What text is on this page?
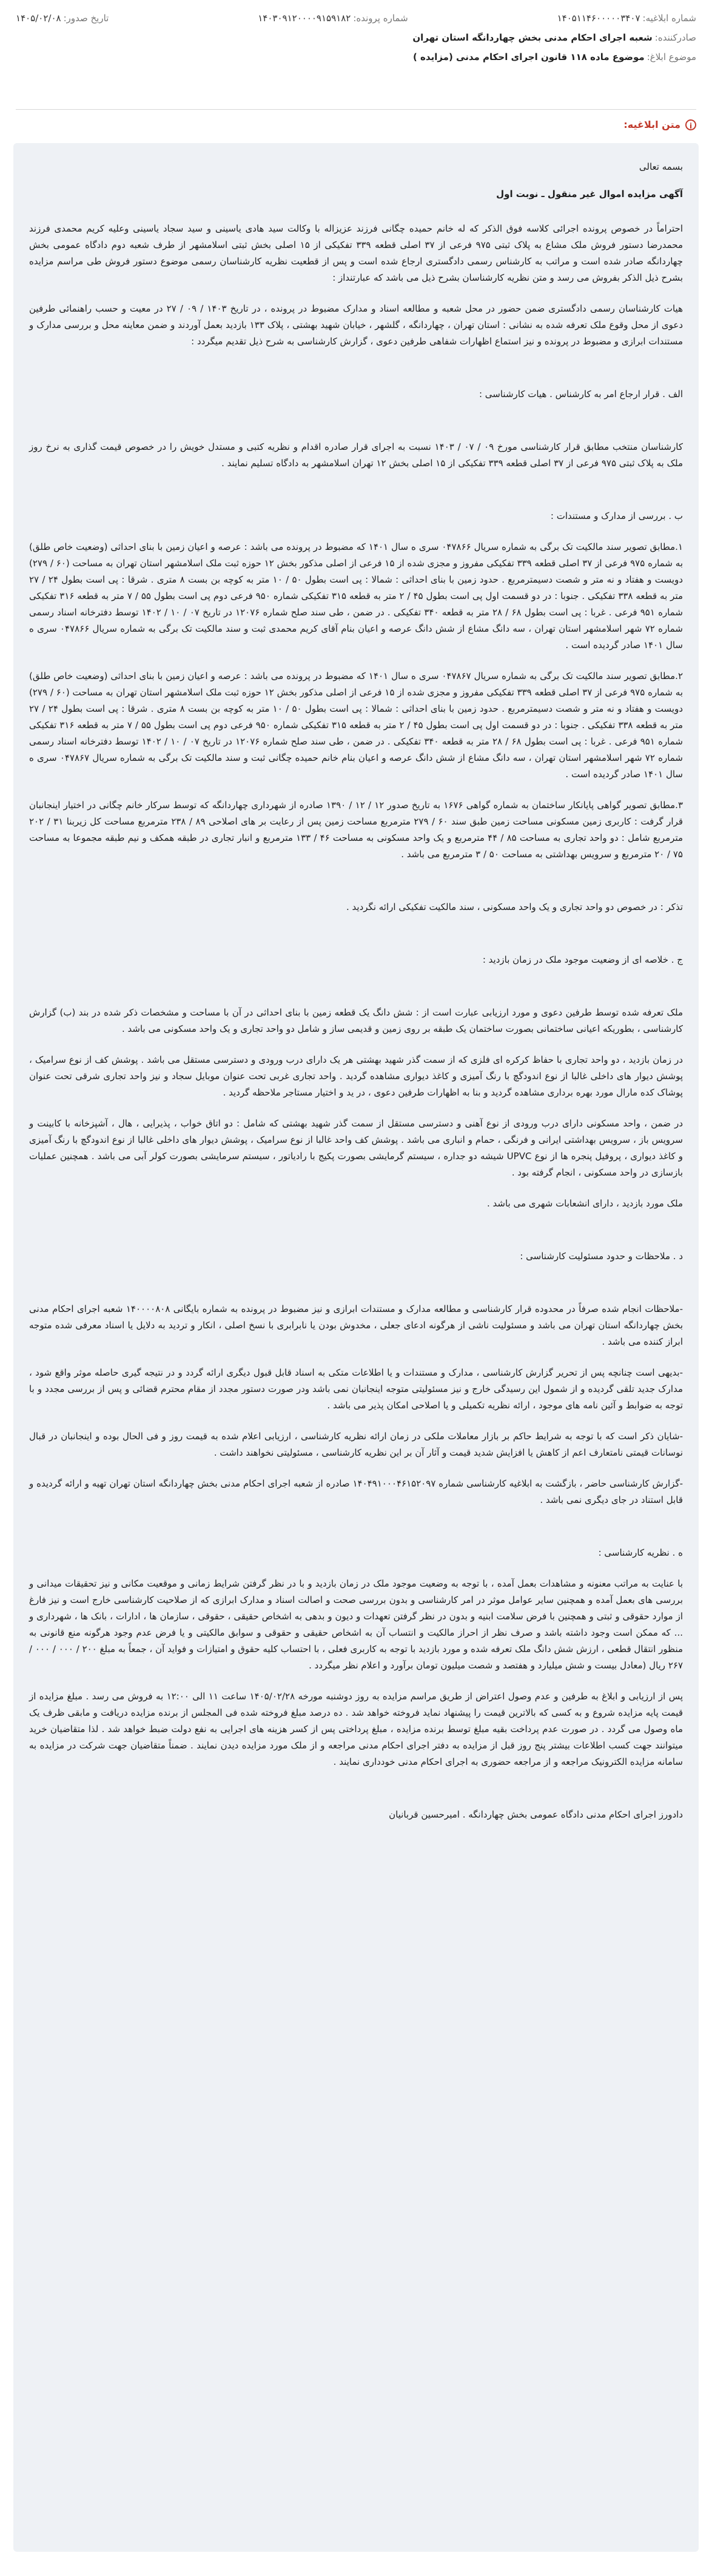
شماره ابلاغیه:۱۴۰۵۱۱۴۶۰۰۰۰۰۳۴۰۷
شماره پرونده:۱۴۰۳۰۹۱۲۰۰۰۰۹۱۵۹۱۸۲
تاریخ صدور:۱۴۰۵/۰۲/۰۸
صادرکننده:شعبه اجرای احکام مدنی بخش چهاردانگه استان تهران
موضوع ابلاغ:موضوع ماده ۱۱۸ قانون اجرای احکام مدنی (مزایده )
i
متن ابلاغیه:

بسمه تعالی

آگهی مزایده اموال غیر منقول ـ نوبت اول

احتراماً در خصوص پرونده اجرائی کلاسه فوق الذکر که له خانم حمیده چگانی فرزند عزیزاله با وکالت سید هادی یاسینی و سید سجاد یاسینی وعلیه کریم محمدی فرزند محمدرضا دستور فروش ملک مشاع به پلاک ثبتی ۹۷۵ فرعی از ۳۷ اصلی قطعه ۳۳۹ تفکیکی از ۱۵ اصلی بخش ثبتی اسلامشهر از طرف شعبه دوم دادگاه عمومی بخش چهاردانگه صادر شده است و مراتب به کارشناس رسمی دادگستری ارجاع شده است و پس از قطعیت نظریه کارشناسان رسمی موضوع دستور فروش طی مراسم مزایده بشرح ذیل الذکر بفروش می رسد و متن نظریه کارشناسان بشرح ذیل می باشد که عبارتنداز :

هیات کارشناسان رسمی دادگستری ضمن حضور در محل شعبه و مطالعه اسناد و مدارک مضبوط در پرونده ، در تاریخ ۱۴۰۳ / ۰۹ / ۲۷ در معیت و حسب راهنمائی طرفین دعوی از محل وقوع ملک تعرفه شده به نشانی : استان تهران ، چهاردانگه ، گلشهر ، خیابان شهید بهشتی ، پلاک ۱۳۳ بازدید بعمل آوردند و ضمن معاینه محل و بررسی مدارک و مستندات ابرازی و مضبوط در پرونده و نیز استماع اظهارات شفاهی طرفین دعوی ، گزارش کارشناسی به شرح ذیل تقدیم میگردد :

الف . قرار ارجاع امر به کارشناس . هیات کارشناسی :

کارشناسان منتخب مطابق قرار کارشناسی مورخ ۰۹ / ۰۷ / ۱۴۰۳ نسبت به اجرای قرار صادره اقدام و نظریه کتبی و مستدل خویش را در خصوص قیمت گذاری به نرخ روز ملک به پلاک ثبتی ۹۷۵ فرعی از ۳۷ اصلی قطعه ۳۳۹ تفکیکی از ۱۵ اصلی بخش ۱۲ تهران اسلامشهر به دادگاه تسلیم نمایند .

ب . بررسی از مدارک و مستندات :

۱.مطابق تصویر سند مالکیت تک برگی به شماره سریال ۰۴۷۸۶۶ سری ه سال ۱۴۰۱ که مضبوط در پرونده می باشد : عرصه و اعیان زمین با بنای احداثی (وضعیت خاص طلق) به شماره ۹۷۵ فرعی از ۳۷ اصلی قطعه ۳۳۹ تفکیکی مفروز و مجزی شده از ۱۵ فرعی از اصلی مذکور بخش ۱۲ حوزه ثبت ملک اسلامشهر استان تهران به مساحت (۶۰ / ۲۷۹) دویست و هفتاد و نه متر و شصت دسیمترمربع . حدود زمین با بنای احداثی : شمالا : پی است بطول ۵۰ / ۱۰ متر به کوچه بن بست ۸ متری . شرقا : پی است بطول ۲۴ / ۲۷ متر به قطعه ۳۳۸ تفکیکی . جنوبا : در دو قسمت اول پی است بطول ۴۵ / ۲ متر به قطعه ۳۱۵ تفکیکی شماره ۹۵۰ فرعی دوم پی است بطول ۵۵ / ۷ متر به قطعه ۳۱۶ تفکیکی شماره ۹۵۱ فرعی . غربا : پی است بطول ۶۸ / ۲۸ متر به قطعه ۳۴۰ تفکیکی . در ضمن ، طی سند صلح شماره ۱۲۰۷۶ در تاریخ ۰۷ / ۱۰ / ۱۴۰۲ توسط دفترخانه اسناد رسمی شماره ۷۲ شهر اسلامشهر استان تهران ، سه دانگ مشاع از شش دانگ عرصه و اعیان بنام آقای کریم محمدی ثبت و سند مالکیت تک برگی به شماره سریال ۰۴۷۸۶۶ سری ه سال ۱۴۰۱ صادر گردیده است .

۲.مطابق تصویر سند مالکیت تک برگی به شماره سریال ۰۴۷۸۶۷ سری ه سال ۱۴۰۱ که مضبوط در پرونده می باشد : عرصه و اعیان زمین با بنای احداثی (وضعیت خاص طلق) به شماره ۹۷۵ فرعی از ۳۷ اصلی قطعه ۳۳۹ تفکیکی مفروز و مجزی شده از ۱۵ فرعی از اصلی مذکور بخش ۱۲ حوزه ثبت ملک اسلامشهر استان تهران به مساحت (۶۰ / ۲۷۹) دویست و هفتاد و نه متر و شصت دسیمترمربع . حدود زمین با بنای احداثی : شمالا : پی است بطول ۵۰ / ۱۰ متر به کوچه بن بست ۸ متری . شرقا : پی است بطول ۲۴ / ۲۷ متر به قطعه ۳۳۸ تفکیکی . جنوبا : در دو قسمت اول پی است بطول ۴۵ / ۲ متر به قطعه ۳۱۵ تفکیکی شماره ۹۵۰ فرعی دوم پی است بطول ۵۵ / ۷ متر به قطعه ۳۱۶ تفکیکی شماره ۹۵۱ فرعی . غربا : پی است بطول ۶۸ / ۲۸ متر به قطعه ۳۴۰ تفکیکی . در ضمن ، طی سند صلح شماره ۱۲۰۷۶ در تاریخ ۰۷ / ۱۰ / ۱۴۰۲ توسط دفترخانه اسناد رسمی شماره ۷۲ شهر اسلامشهر استان تهران ، سه دانگ مشاع از شش دانگ عرصه و اعیان بنام خانم حمیده چگانی ثبت و سند مالکیت تک برگی به شماره سریال ۰۴۷۸۶۷ سری ه سال ۱۴۰۱ صادر گردیده است .

۳.مطابق تصویر گواهی پایانکار ساختمان به شماره گواهی ۱۶۷۶ به تاریخ صدور ۱۲ / ۱۲ / ۱۳۹۰ صادره از شهرداری چهاردانگه که توسط سرکار خانم چگانی در اختیار اینجانبان قرار گرفت : کاربری زمین مسکونی مساحت زمین طبق سند ۶۰ / ۲۷۹ مترمربع مساحت زمین پس از رعایت بر های اصلاحی ۸۹ / ۲۳۸ مترمربع مساحت کل زیربنا ۳۱ / ۲۰۲ مترمربع شامل : دو واحد تجاری به مساحت ۸۵ / ۴۴ مترمربع و یک واحد مسکونی به مساحت ۴۶ / ۱۳۳ مترمربع و انبار تجاری در طبقه همکف و نیم طبقه مجموعا به مساحت ۷۵ / ۲۰ مترمربع و سرویس بهداشتی به مساحت ۵۰ / ۳ مترمربع می باشد .

تذکر : در خصوص دو واحد تجاری و یک واحد مسکونی ، سند مالکیت تفکیکی ارائه نگردید .

ج . خلاصه ای از وضعیت موجود ملک در زمان بازدید :

ملک تعرفه شده توسط طرفین دعوی و مورد ارزیابی عبارت است از : شش دانگ یک قطعه زمین با بنای احداثی در آن با مساحت و مشخصات ذکر شده در بند (ب) گزارش کارشناسی ، بطوریکه اعیانی ساختمانی بصورت ساختمان یک طبقه بر روی زمین و قدیمی ساز و شامل دو واحد تجاری و یک واحد مسکونی می باشد .

در زمان بازدید ، دو واحد تجاری با حفاظ کرکره ای فلزی که از سمت گذر شهید بهشتی هر یک دارای درب ورودی و دسترسی مستقل می باشد . پوشش کف از نوع سرامیک ، پوشش دیوار های داخلی غالبا از نوع اندودگچ با رنگ آمیزی و کاغذ دیواری مشاهده گردید . واحد تجاری غربی تحت عنوان موبایل سجاد و نیز واحد تجاری شرقی تحت عنوان پوشاک کده مارال مورد بهره برداری مشاهده گردید و بنا به اظهارات طرفین دعوی ، در ید و اختیار مستاجر ملاحظه گردید .

در ضمن ، واحد مسکونی دارای درب ورودی از نوع آهنی و دسترسی مستقل از سمت گذر شهید بهشتی که شامل : دو اتاق خواب ، پذیرایی ، هال ، آشپزخانه با کابینت و سرویس باز ، سرویس بهداشتی ایرانی و فرنگی ، حمام و انباری می باشد . پوشش کف واحد غالبا از نوع سرامیک ، پوشش دیوار های داخلی غالبا از نوع اندودگچ با رنگ آمیزی و کاغذ دیواری ، پروفیل پنجره ها از نوع UPVC شیشه دو جداره ، سیستم گرمایشی بصورت پکیج با رادیاتور ، سیستم سرمایشی بصورت کولر آبی می باشد . همچنین عملیات بازسازی در واحد مسکونی ، انجام گرفته بود .

ملک مورد بازدید ، دارای انشعابات شهری می باشد .

د . ملاحظات و حدود مسئولیت کارشناسی :

-ملاحظات انجام شده صرفاً در محدوده قرار کارشناسی و مطالعه مدارک و مستندات ابرازی و نیز مضبوط در پرونده به شماره بایگانی ۱۴۰۰۰۰۸۰۸ شعبه اجرای احکام مدنی بخش چهاردانگه استان تهران می باشد و مسئولیت ناشی از هرگونه ادعای جعلی ، مخدوش بودن یا نابرابری با نسخ اصلی ، انکار و تردید به دلایل یا اسناد معرفی شده متوجه ابراز کننده می باشد .

-بدیهی است چنانچه پس از تحریر گزارش کارشناسی ، مدارک و مستندات و یا اطلاعات متکی به اسناد قابل قبول دیگری ارائه گردد و در نتیجه گیری حاصله موثر واقع شود ، مدارک جدید تلقی گردیده و از شمول این رسیدگی خارج و نیز مسئولیتی متوجه اینجانبان نمی باشد ودر صورت دستور مجدد از مقام محترم قضائی و پس از بررسی مجدد و با توجه به ضوابط و آئین نامه های موجود ، ارائه نظریه تکمیلی و یا اصلاحی امکان پذیر می باشد .

-شایان ذکر است که با توجه به شرایط حاکم بر بازار معاملات ملکی در زمان ارائه نظریه کارشناسی ، ارزیابی اعلام شده به قیمت روز و فی الحال بوده و اینجانبان در قبال نوسانات قیمتی نامتعارف اعم از کاهش یا افزایش شدید قیمت و آثار آن بر این نظریه کارشناسی ، مسئولیتی نخواهند داشت .

-گزارش کارشناسی حاضر ، بازگشت به ابلاغیه کارشناسی شماره ۱۴۰۴۹۱۰۰۰۴۶۱۵۲۰۹۷ صادره از شعبه اجرای احکام مدنی بخش چهاردانگه استان تهران تهیه و ارائه گردیده و قابل استناد در جای دیگری نمی باشد .

ه . نظریه کارشناسی :

با عنایت به مراتب معنونه و مشاهدات بعمل آمده ، با توجه به وضعیت موجود ملک در زمان بازدید و با در نظر گرفتن شرایط زمانی و موقعیت مکانی و نیز تحقیقات میدانی و بررسی های بعمل آمده و همچنین سایر عوامل موثر در امر کارشناسی و بدون بررسی صحت و اصالت اسناد و مدارک ابرازی که از صلاحیت کارشناسی خارج است و نیز فارغ از موارد حقوقی و ثبتی و همچنین با فرض سلامت ابنیه و بدون در نظر گرفتن تعهدات و دیون و بدهی به اشخاص حقیقی ، حقوقی ، سازمان ها ، ادارات ، بانک ها ، شهرداری و ... که ممکن است وجود داشته باشد و صرف نظر از احراز مالکیت و انتساب آن به اشخاص حقیقی و حقوقی و سوابق مالکیتی و یا فرض عدم وجود هرگونه منع قانونی به منظور انتقال قطعی ، ارزش شش دانگ ملک تعرفه شده و مورد بازدید با توجه به کاربری فعلی ، با احتساب کلیه حقوق و امتیازات و فواید آن ، جمعاً به مبلغ ۲۰۰ / ۰۰۰ / ۰۰۰ / ۲۶۷ ریال (معادل بیست و شش میلیارد و هفتصد و شصت میلیون تومان برآورد و اعلام نظر میگردد .

پس از ارزیابی و ابلاغ به طرفین و عدم وصول اعتراض از طریق مراسم مزایده به روز دوشنبه مورخه ۱۴۰۵/۰۲/۲۸ ساعت ۱۱ الی ۱۲:۰۰ به فروش می رسد . مبلغ مزایده از قیمت پایه مزایده شروع و به کسی که بالاترین قیمت را پیشنهاد نماید فروخته خواهد شد . ده درصد مبلغ فروخته شده فی المجلس از برنده مزایده دریافت و مابقی ظرف یک ماه وصول می گردد . در صورت عدم پرداخت بقیه مبلغ توسط برنده مزایده ، مبلغ پرداختی پس از کسر هزینه های اجرایی به نفع دولت ضبط خواهد شد . لذا متقاضیان خرید میتوانند جهت کسب اطلاعات بیشتر پنج روز قبل از مزایده به دفتر اجرای احکام مدنی مراجعه و از ملک مورد مزایده دیدن نمایند . ضمناً متقاضیان جهت شرکت در مزایده به سامانه مزایده الکترونیک مراجعه و از مراجعه حضوری به اجرای احکام مدنی خودداری نمایند .

دادورز اجرای احکام مدنی دادگاه عمومی بخش چهاردانگه . امیرحسین قربانیان
